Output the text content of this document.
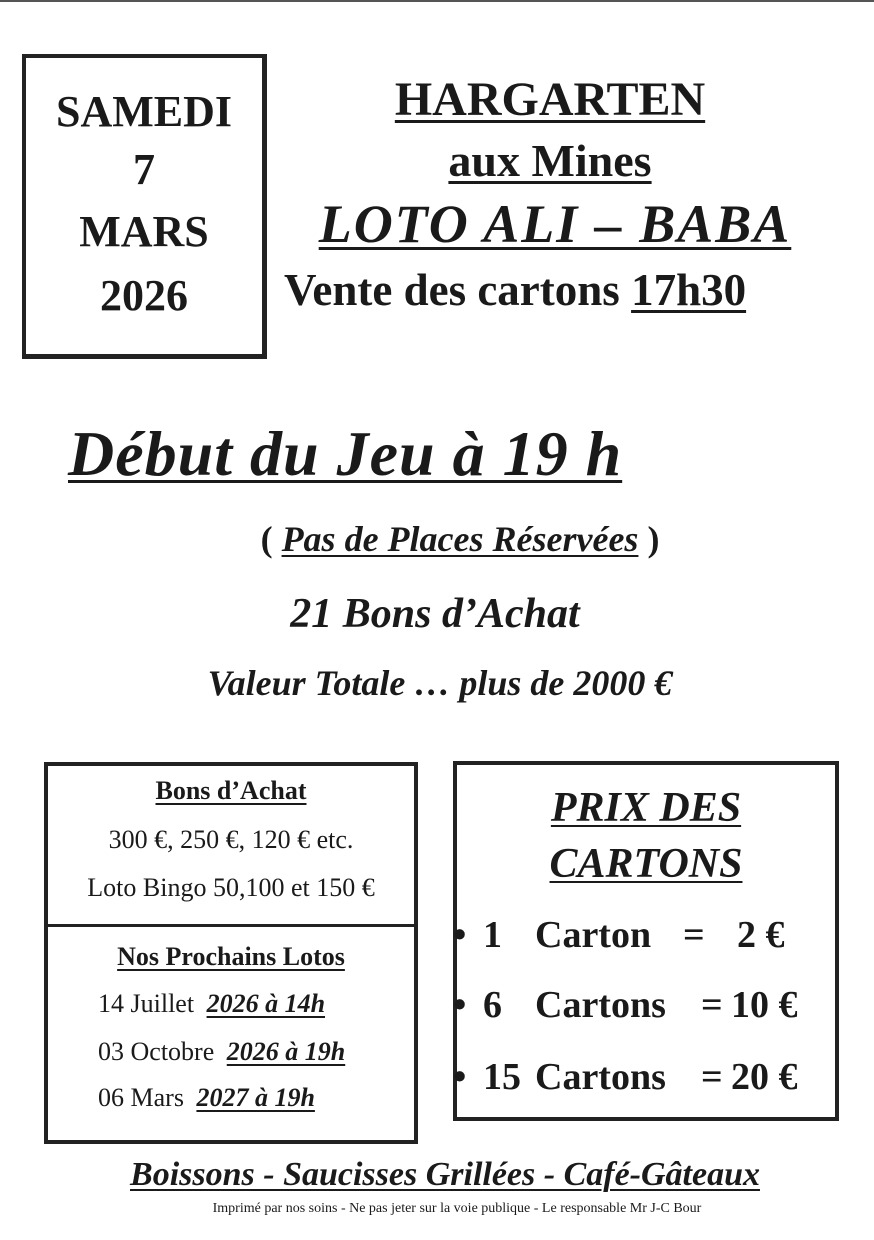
SAMEDI
7
MARS
2026
HARGARTEN
aux Mines
LOTO ALI – BABA
Vente des cartons 17h30
Début du Jeu à 19 h
( Pas de Places Réservées )
21 Bons d’Achat
Valeur Totale … plus de 2000 €
Bons d’Achat
300 €, 250 €, 120 € etc.
Loto Bingo 50,100 et 150 €
Nos Prochains Lotos
14 Juillet 2026 à 14h
03 Octobre 2026 à 19h
06 Mars 2027 à 19h
PRIX DES
CARTONS
• 1 Carton = 2 €
• 6 Cartons = 10 €
• 15 Cartons = 20 €
Boissons - Saucisses Grillées - Café-Gâteaux
Imprimé par nos soins - Ne pas jeter sur la voie publique - Le responsable Mr J-C Bour
